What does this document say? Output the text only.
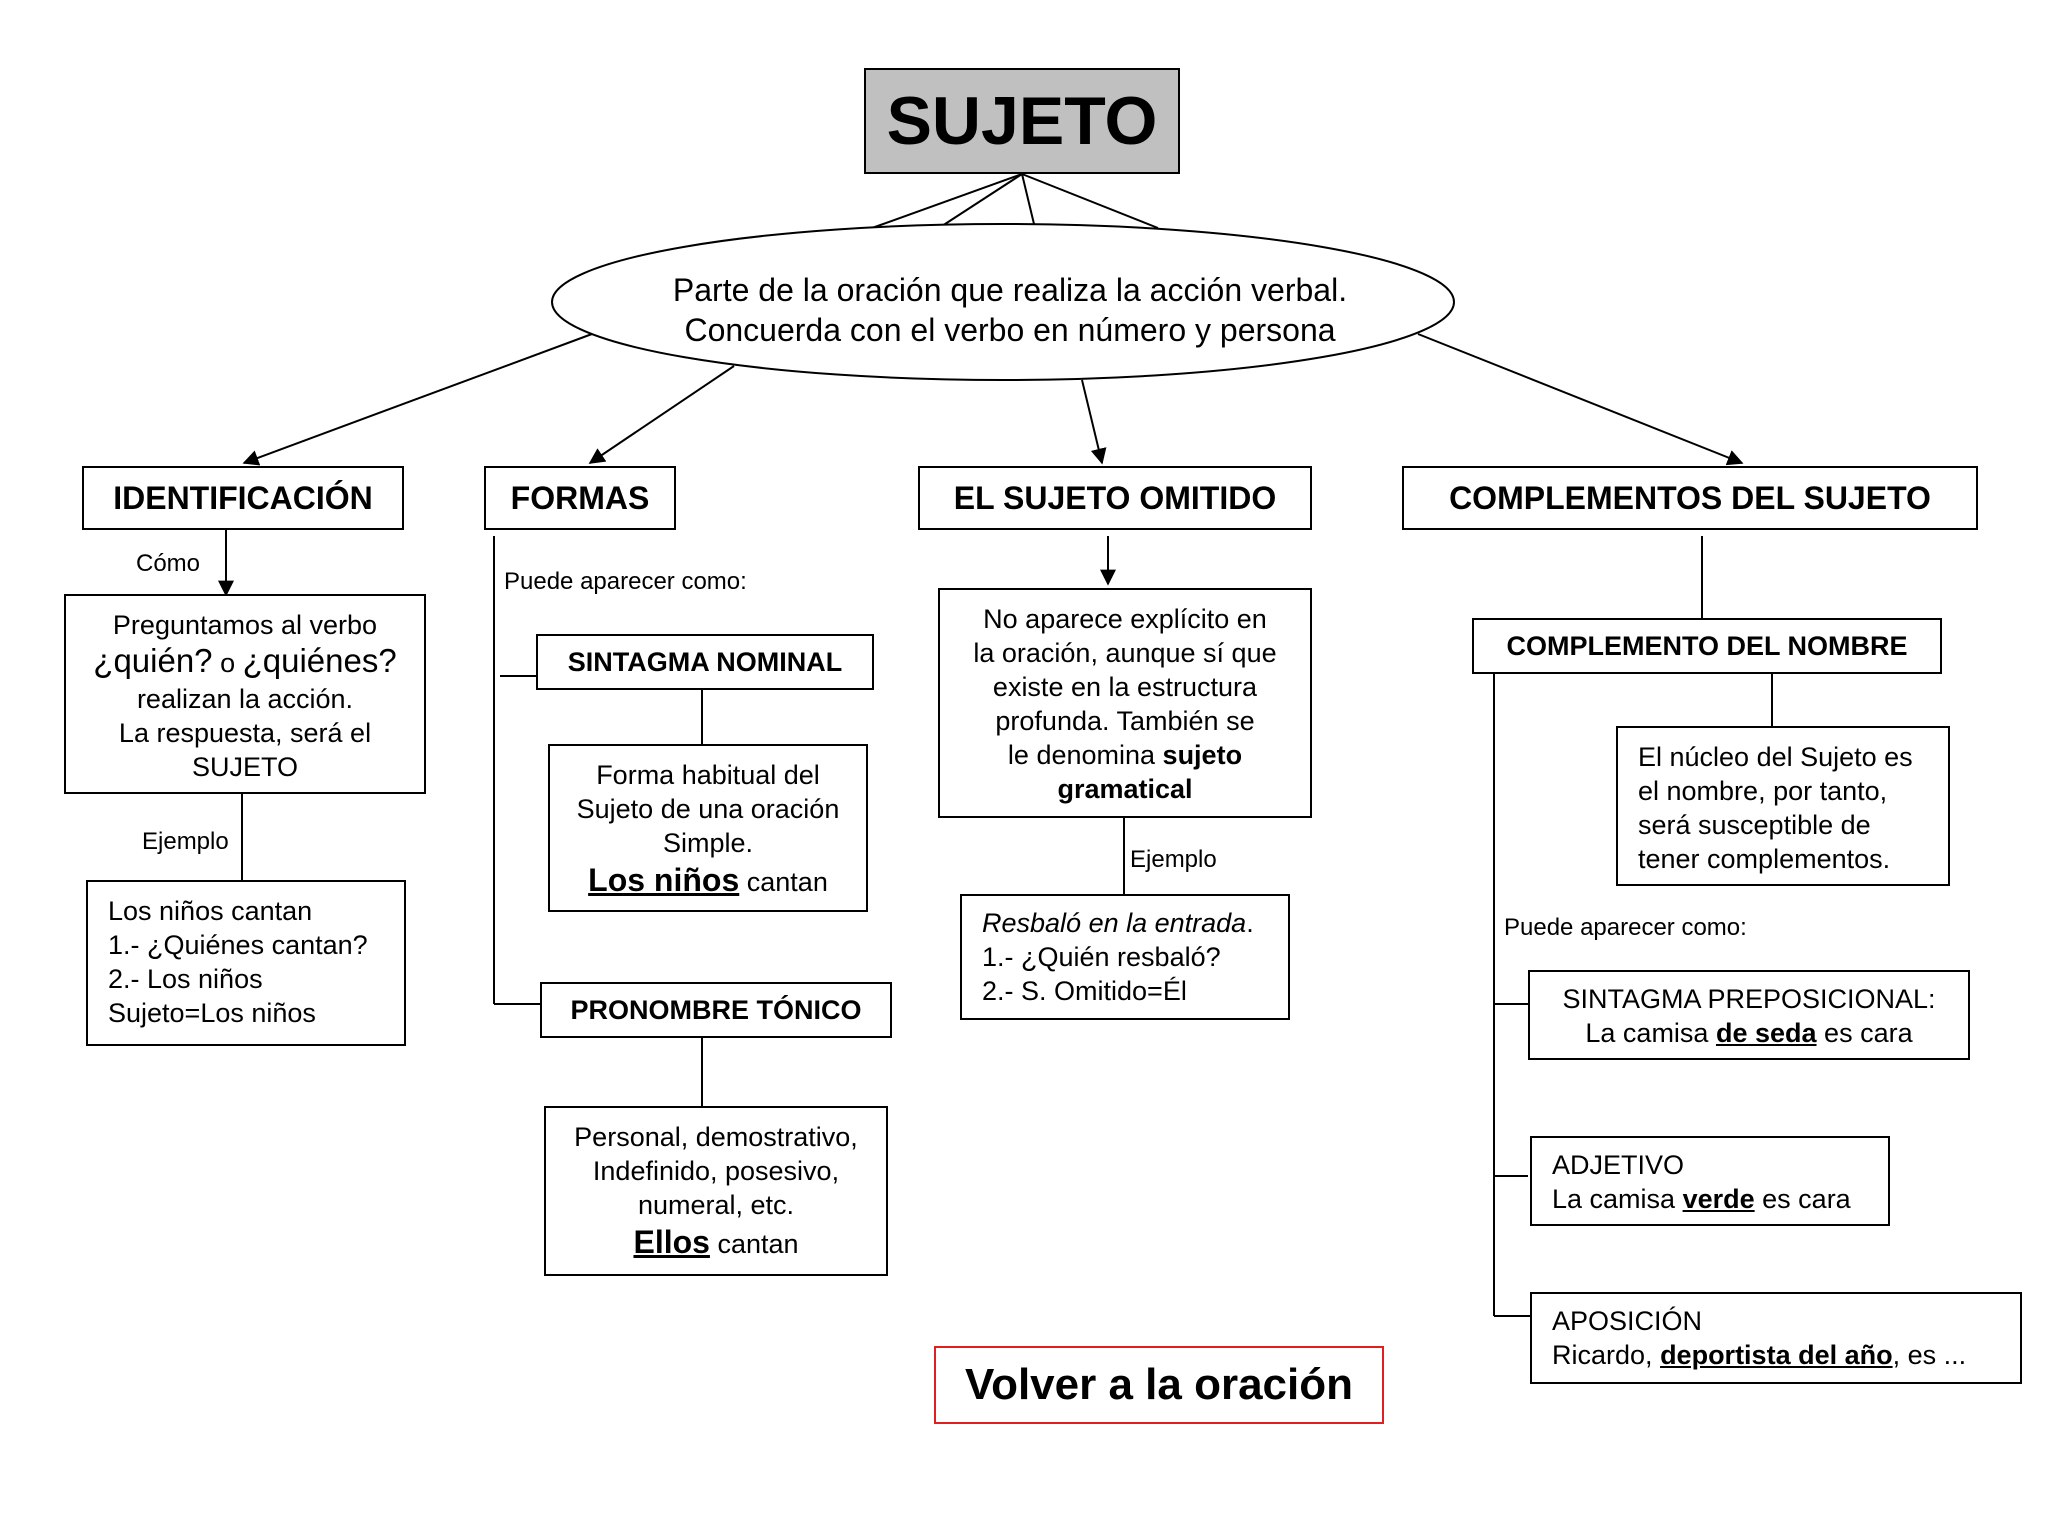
SUJETO
Parte de la oración que realiza la acción verbal.
Concuerda con el verbo en número y persona
IDENTIFICACIÓN
Cómo
Preguntamos al verbo
¿quién? o ¿quiénes?
realizan la acción.
La respuesta, será el
SUJETO
Ejemplo
Los niños cantan
1.- ¿Quiénes cantan?
2.- Los niños
Sujeto=Los niños
FORMAS
Puede aparecer como:
SINTAGMA NOMINAL
Forma habitual del
Sujeto de una oración
Simple.
Los niños cantan
PRONOMBRE TÓNICO
Personal, demostrativo,
Indefinido, posesivo,
numeral, etc.
Ellos cantan
EL SUJETO OMITIDO
No aparece explícito en
la oración, aunque sí que
existe en la estructura
profunda. También se
le denomina sujeto
gramatical
Ejemplo
Resbaló en la entrada.
1.- ¿Quién resbaló?
2.- S. Omitido=Él
COMPLEMENTOS DEL SUJETO
COMPLEMENTO DEL NOMBRE
El núcleo del Sujeto es
el nombre, por tanto,
será susceptible de
tener complementos.
Puede aparecer como:
SINTAGMA PREPOSICIONAL:
La camisa de seda es cara
ADJETIVO
La camisa verde es cara
APOSICIÓN
Ricardo, deportista del año, es ...
Volver a la oración
